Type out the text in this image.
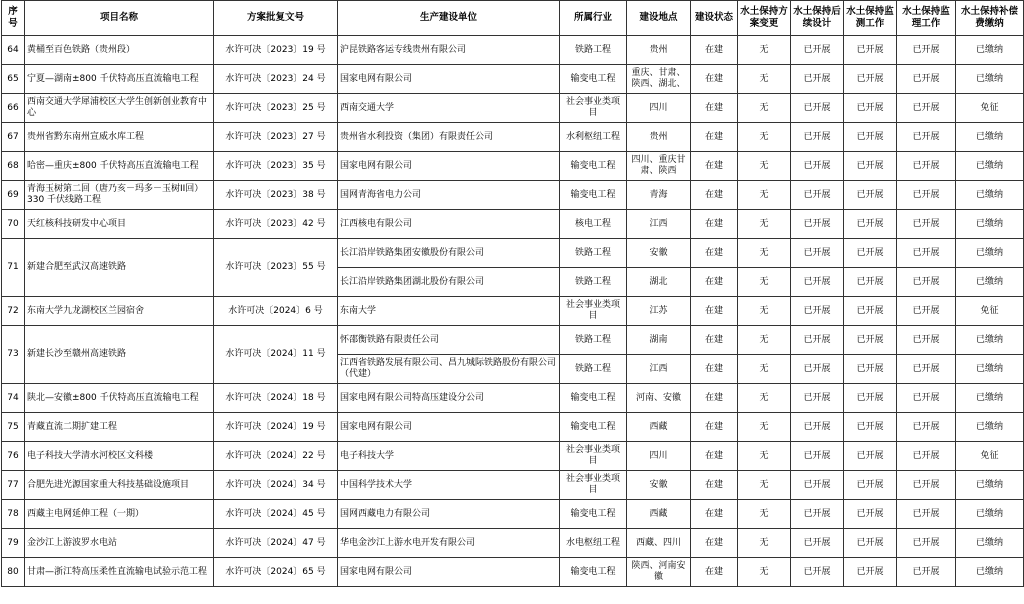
序号	项目名称	方案批复文号	生产建设单位	所属行业	建设地点	建设状态	水土保持方案变更	水土保持后续设计	水土保持监测工作	水土保持监理工作	水土保持补偿费缴纳
64	黄桶至百色铁路（贵州段）	水许可决〔2023〕19 号	沪昆铁路客运专线贵州有限公司	铁路工程	贵州	在建	无	已开展	已开展	已开展	已缴纳
65	宁夏—湖南±800 千伏特高压直流输电工程	水许可决〔2023〕24 号	国家电网有限公司	输变电工程	重庆、甘肃、陕西、湖北、	在建	无	已开展	已开展	已开展	已缴纳
66	西南交通大学犀浦校区大学生创新创业教育中心	水许可决〔2023〕25 号	西南交通大学	社会事业类项目	四川	在建	无	已开展	已开展	已开展	免征
67	贵州省黔东南州宣威水库工程	水许可决〔2023〕27 号	贵州省水利投资（集团）有限责任公司	水利枢纽工程	贵州	在建	无	已开展	已开展	已开展	已缴纳
68	哈密—重庆±800 千伏特高压直流输电工程	水许可决〔2023〕35 号	国家电网有限公司	输变电工程	四川、重庆甘肃、陕西	在建	无	已开展	已开展	已开展	已缴纳
69	青海玉树第二回（唐乃亥－玛多－玉树II回）330 千伏线路工程	水许可决〔2023〕38 号	国网青海省电力公司	输变电工程	青海	在建	无	已开展	已开展	已开展	已缴纳
70	天红核科技研发中心项目	水许可决〔2023〕42 号	江西核电有限公司	核电工程	江西	在建	无	已开展	已开展	已开展	已缴纳
71	新建合肥至武汉高速铁路	水许可决〔2023〕55 号	长江沿岸铁路集团安徽股份有限公司	铁路工程	安徽	在建	无	已开展	已开展	已开展	已缴纳
			长江沿岸铁路集团湖北股份有限公司	铁路工程	湖北	在建	无	已开展	已开展	已开展	已缴纳
72	东南大学九龙湖校区兰园宿舍	水许可决〔2024〕6 号	东南大学	社会事业类项目	江苏	在建	无	已开展	已开展	已开展	免征
73	新建长沙至赣州高速铁路	水许可决〔2024〕11 号	怀邵衡铁路有限责任公司	铁路工程	湖南	在建	无	已开展	已开展	已开展	已缴纳
			江西省铁路发展有限公司、昌九城际铁路股份有限公司（代建）	铁路工程	江西	在建	无	已开展	已开展	已开展	已缴纳
74	陕北—安徽±800 千伏特高压直流输电工程	水许可决〔2024〕18 号	国家电网有限公司特高压建设分公司	输变电工程	河南、安徽	在建	无	已开展	已开展	已开展	已缴纳
75	青藏直流二期扩建工程	水许可决〔2024〕19 号	国家电网有限公司	输变电工程	西藏	在建	无	已开展	已开展	已开展	已缴纳
76	电子科技大学清水河校区文科楼	水许可决〔2024〕22 号	电子科技大学	社会事业类项目	四川	在建	无	已开展	已开展	已开展	免征
77	合肥先进光源国家重大科技基础设施项目	水许可决〔2024〕34 号	中国科学技术大学	社会事业类项目	安徽	在建	无	已开展	已开展	已开展	已缴纳
78	西藏主电网延伸工程（一期）	水许可决〔2024〕45 号	国网西藏电力有限公司	输变电工程	西藏	在建	无	已开展	已开展	已开展	已缴纳
79	金沙江上游波罗水电站	水许可决〔2024〕47 号	华电金沙江上游水电开发有限公司	水电枢纽工程	西藏、四川	在建	无	已开展	已开展	已开展	已缴纳
80	甘肃—浙江特高压柔性直流输电试验示范工程	水许可决〔2024〕65 号	国家电网有限公司	输变电工程	陕西、河南安徽	在建	无	已开展	已开展	已开展	已缴纳
